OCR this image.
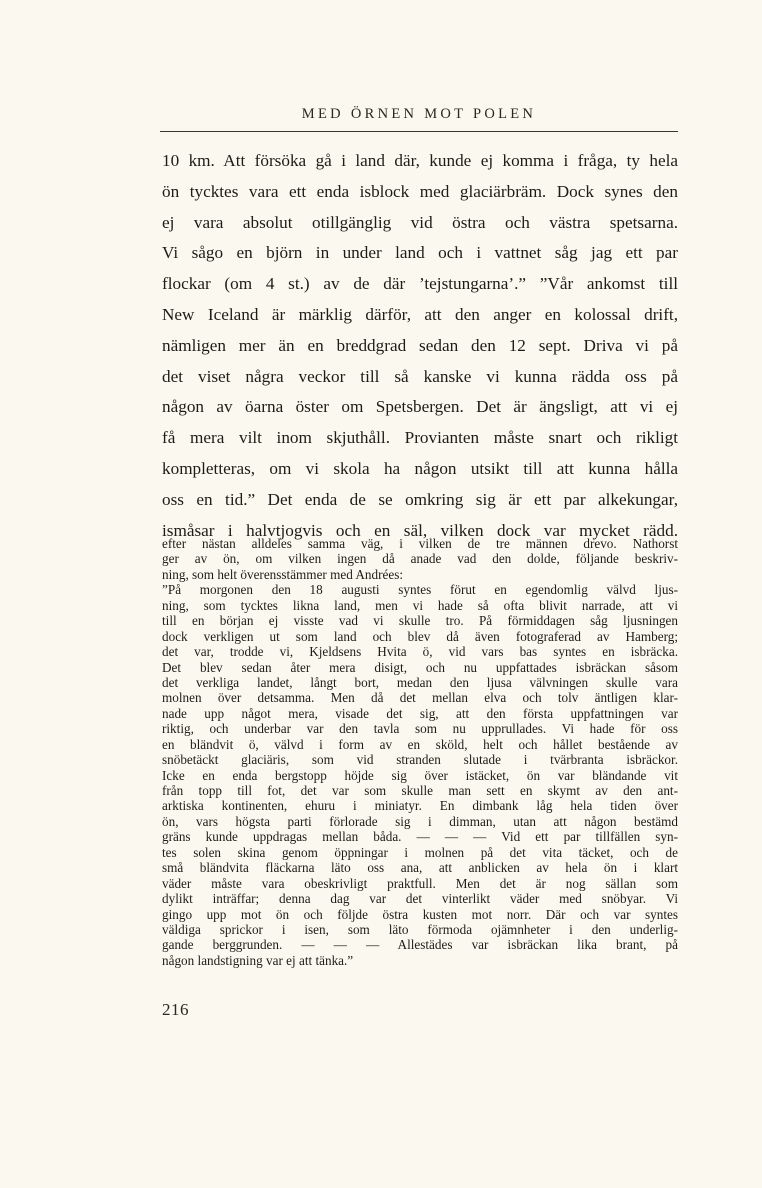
MED ÖRNEN MOT POLEN
10 km. Att försöka gå i land där, kunde ej komma i fråga, ty hela
ön tycktes vara ett enda isblock med glaciärbräm. Dock synes den
ej vara absolut otillgänglig vid östra och västra spetsarna.
Vi sågo en björn in under land och i vattnet såg jag ett par
flockar (om 4 st.) av de där ’tejstungarna’.” ”Vår ankomst till
New Iceland är märklig därför, att den anger en kolossal drift,
nämligen mer än en breddgrad sedan den 12 sept. Driva vi på
det viset några veckor till så kanske vi kunna rädda oss på
någon av öarna öster om Spetsbergen. Det är ängsligt, att vi ej
få mera vilt inom skjuthåll. Provianten måste snart och rikligt
kompletteras, om vi skola ha någon utsikt till att kunna hålla
oss en tid.” Det enda de se omkring sig är ett par alkekungar,
ismåsar i halvtjogvis och en säl, vilken dock var mycket rädd.
efter nästan alldeles samma väg, i vilken de tre männen drevo. Nathorst
ger av ön, om vilken ingen då anade vad den dolde, följande beskriv-
ning, som helt överensstämmer med Andrées:
”På morgonen den 18 augusti syntes förut en egendomlig välvd ljus-
ning, som tycktes likna land, men vi hade så ofta blivit narrade, att vi
till en början ej visste vad vi skulle tro. På förmiddagen såg ljusningen
dock verkligen ut som land och blev då även fotograferad av Hamberg;
det var, trodde vi, Kjeldsens Hvita ö, vid vars bas syntes en isbräcka.
Det blev sedan åter mera disigt, och nu uppfattades isbräckan såsom
det verkliga landet, långt bort, medan den ljusa välvningen skulle vara
molnen över detsamma. Men då det mellan elva och tolv äntligen klar-
nade upp något mera, visade det sig, att den första uppfattningen var
riktig, och underbar var den tavla som nu upprullades. Vi hade för oss
en bländvit ö, välvd i form av en sköld, helt och hållet bestående av
snöbetäckt glaciäris, som vid stranden slutade i tvärbranta isbräckor.
Icke en enda bergstopp höjde sig över istäcket, ön var bländande vit
från topp till fot, det var som skulle man sett en skymt av den ant-
arktiska kontinenten, ehuru i miniatyr. En dimbank låg hela tiden över
ön, vars högsta parti förlorade sig i dimman, utan att någon bestämd
gräns kunde uppdragas mellan båda. — — — Vid ett par tillfällen syn-
tes solen skina genom öppningar i molnen på det vita täcket, och de
små bländvita fläckarna läto oss ana, att anblicken av hela ön i klart
väder måste vara obeskrivligt praktfull. Men det är nog sällan som
dylikt inträffar; denna dag var det vinterlikt väder med snöbyar. Vi
gingo upp mot ön och följde östra kusten mot norr. Där och var syntes
väldiga sprickor i isen, som läto förmoda ojämnheter i den underlig-
gande berggrunden. — — — Allestädes var isbräckan lika brant, på
någon landstigning var ej att tänka.”
216
